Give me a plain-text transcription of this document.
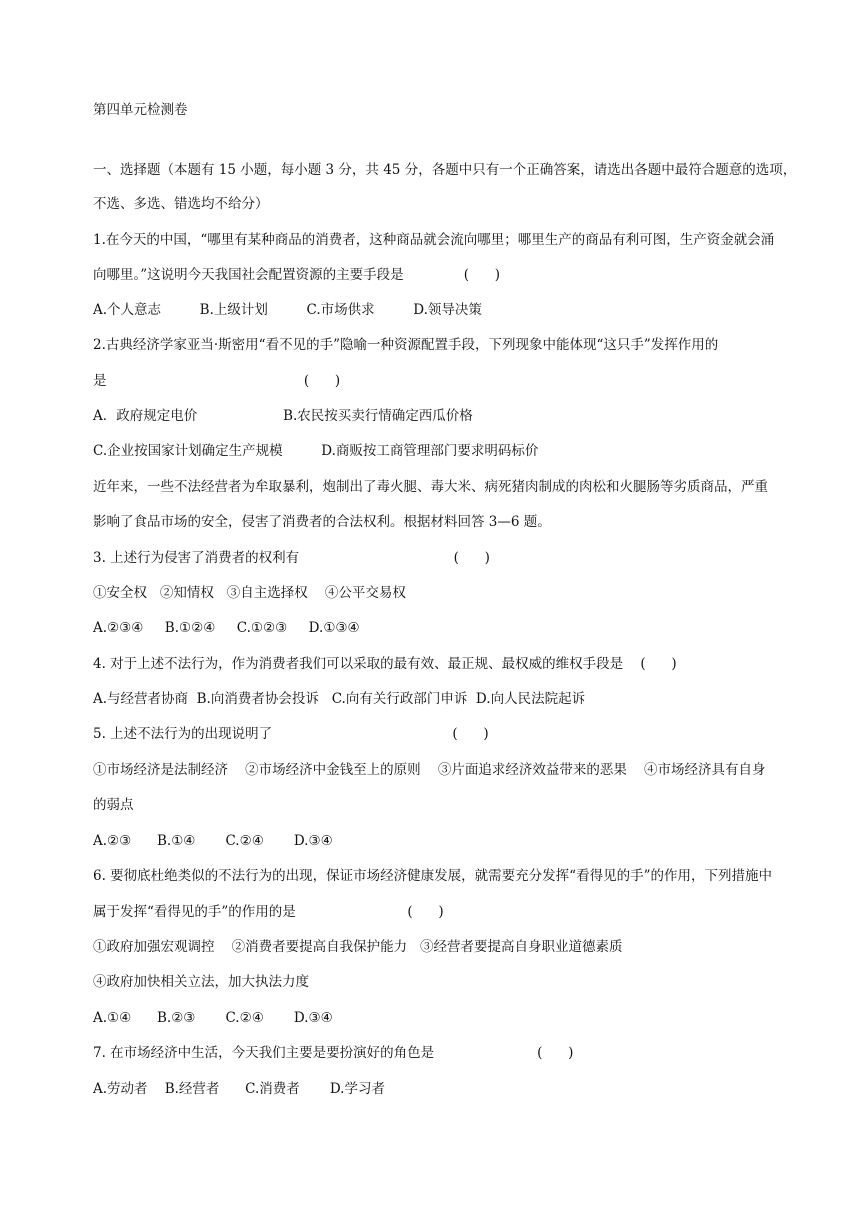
第四单元检测卷
一、选择题（本题有 15 小题，每小题 3 分，共 45 分，各题中只有一个正确答案，请选出各题中最符合题意的选项，
不选、多选、错选均不给分）
1.在今天的中国，“哪里有某种商品的消费者，这种商品就会流向哪里；哪里生产的商品有利可图，生产资金就会涌
向哪里。”这说明今天我国社会配置资源的主要手段是              (      )
A.个人意志         B.上级计划         C.市场供求         D.领导决策
2.古典经济学家亚当·斯密用“看不见的手”隐喻一种资源配置手段，下列现象中能体现“这只手”发挥作用的
是                                              (      )
A．政府规定电价                    B.农民按买卖行情确定西瓜价格
C.企业按国家计划确定生产规模         D.商贩按工商管理部门要求明码标价
近年来，一些不法经营者为牟取暴利，炮制出了毒火腿、毒大米、病死猪肉制成的肉松和火腿肠等劣质商品，严重
影响了食品市场的安全，侵害了消费者的合法权利。根据材料回答 3—6 题。
3. 上述行为侵害了消费者的权利有                                    (      )
①安全权   ②知情权   ③自主选择权    ④公平交易权
A.②③④     B.①②④     C.①②③     D.①③④
4. 对于上述不法行为，作为消费者我们可以采取的最有效、最正规、最权威的维权手段是    (      )
A.与经营者协商  B.向消费者协会投诉   C.向有关行政部门申诉  D.向人民法院起诉
5. 上述不法行为的出现说明了                                          (      )
①市场经济是法制经济    ②市场经济中金钱至上的原则    ③片面追求经济效益带来的恶果    ④市场经济具有自身
的弱点
A.②③      B.①④       C.②④       D.③④
6. 要彻底杜绝类似的不法行为的出现，保证市场经济健康发展，就需要充分发挥“看得见的手”的作用，下列措施中
属于发挥“看得见的手”的作用的是                          (      )
①政府加强宏观调控    ②消费者要提高自我保护能力   ③经营者要提高自身职业道德素质
④政府加快相关立法，加大执法力度
A.①④      B.②③       C.②④       D.③④
7. 在市场经济中生活，今天我们主要是要扮演好的角色是                        (      )
A.劳动者    B.经营者      C.消费者       D.学习者
